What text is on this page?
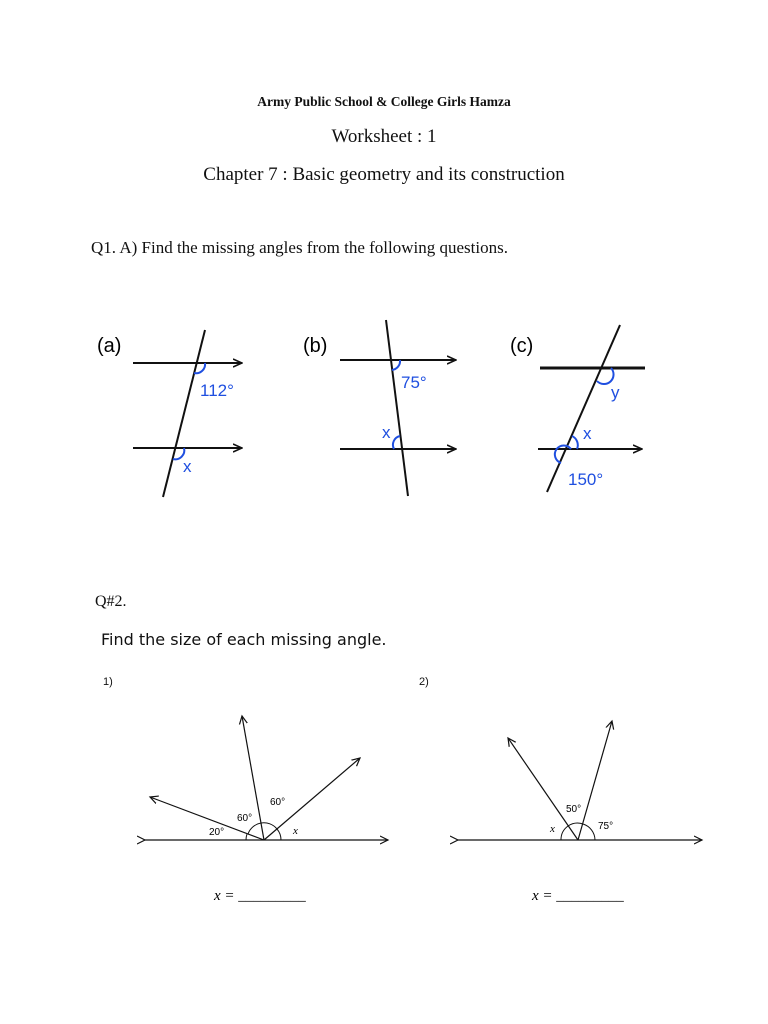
Army Public School & College Girls Hamza
Worksheet : 1
Chapter 7 : Basic geometry and its construction
Q1. A) Find the missing angles from the following questions.
(a)
112°
x
(b)
75°
x
(c)
y
x
150°
Q#2.
Find the size of each missing angle.
1)	2)
20°
60°
60°
x
50°
75°
x
x = _________	x = _________
